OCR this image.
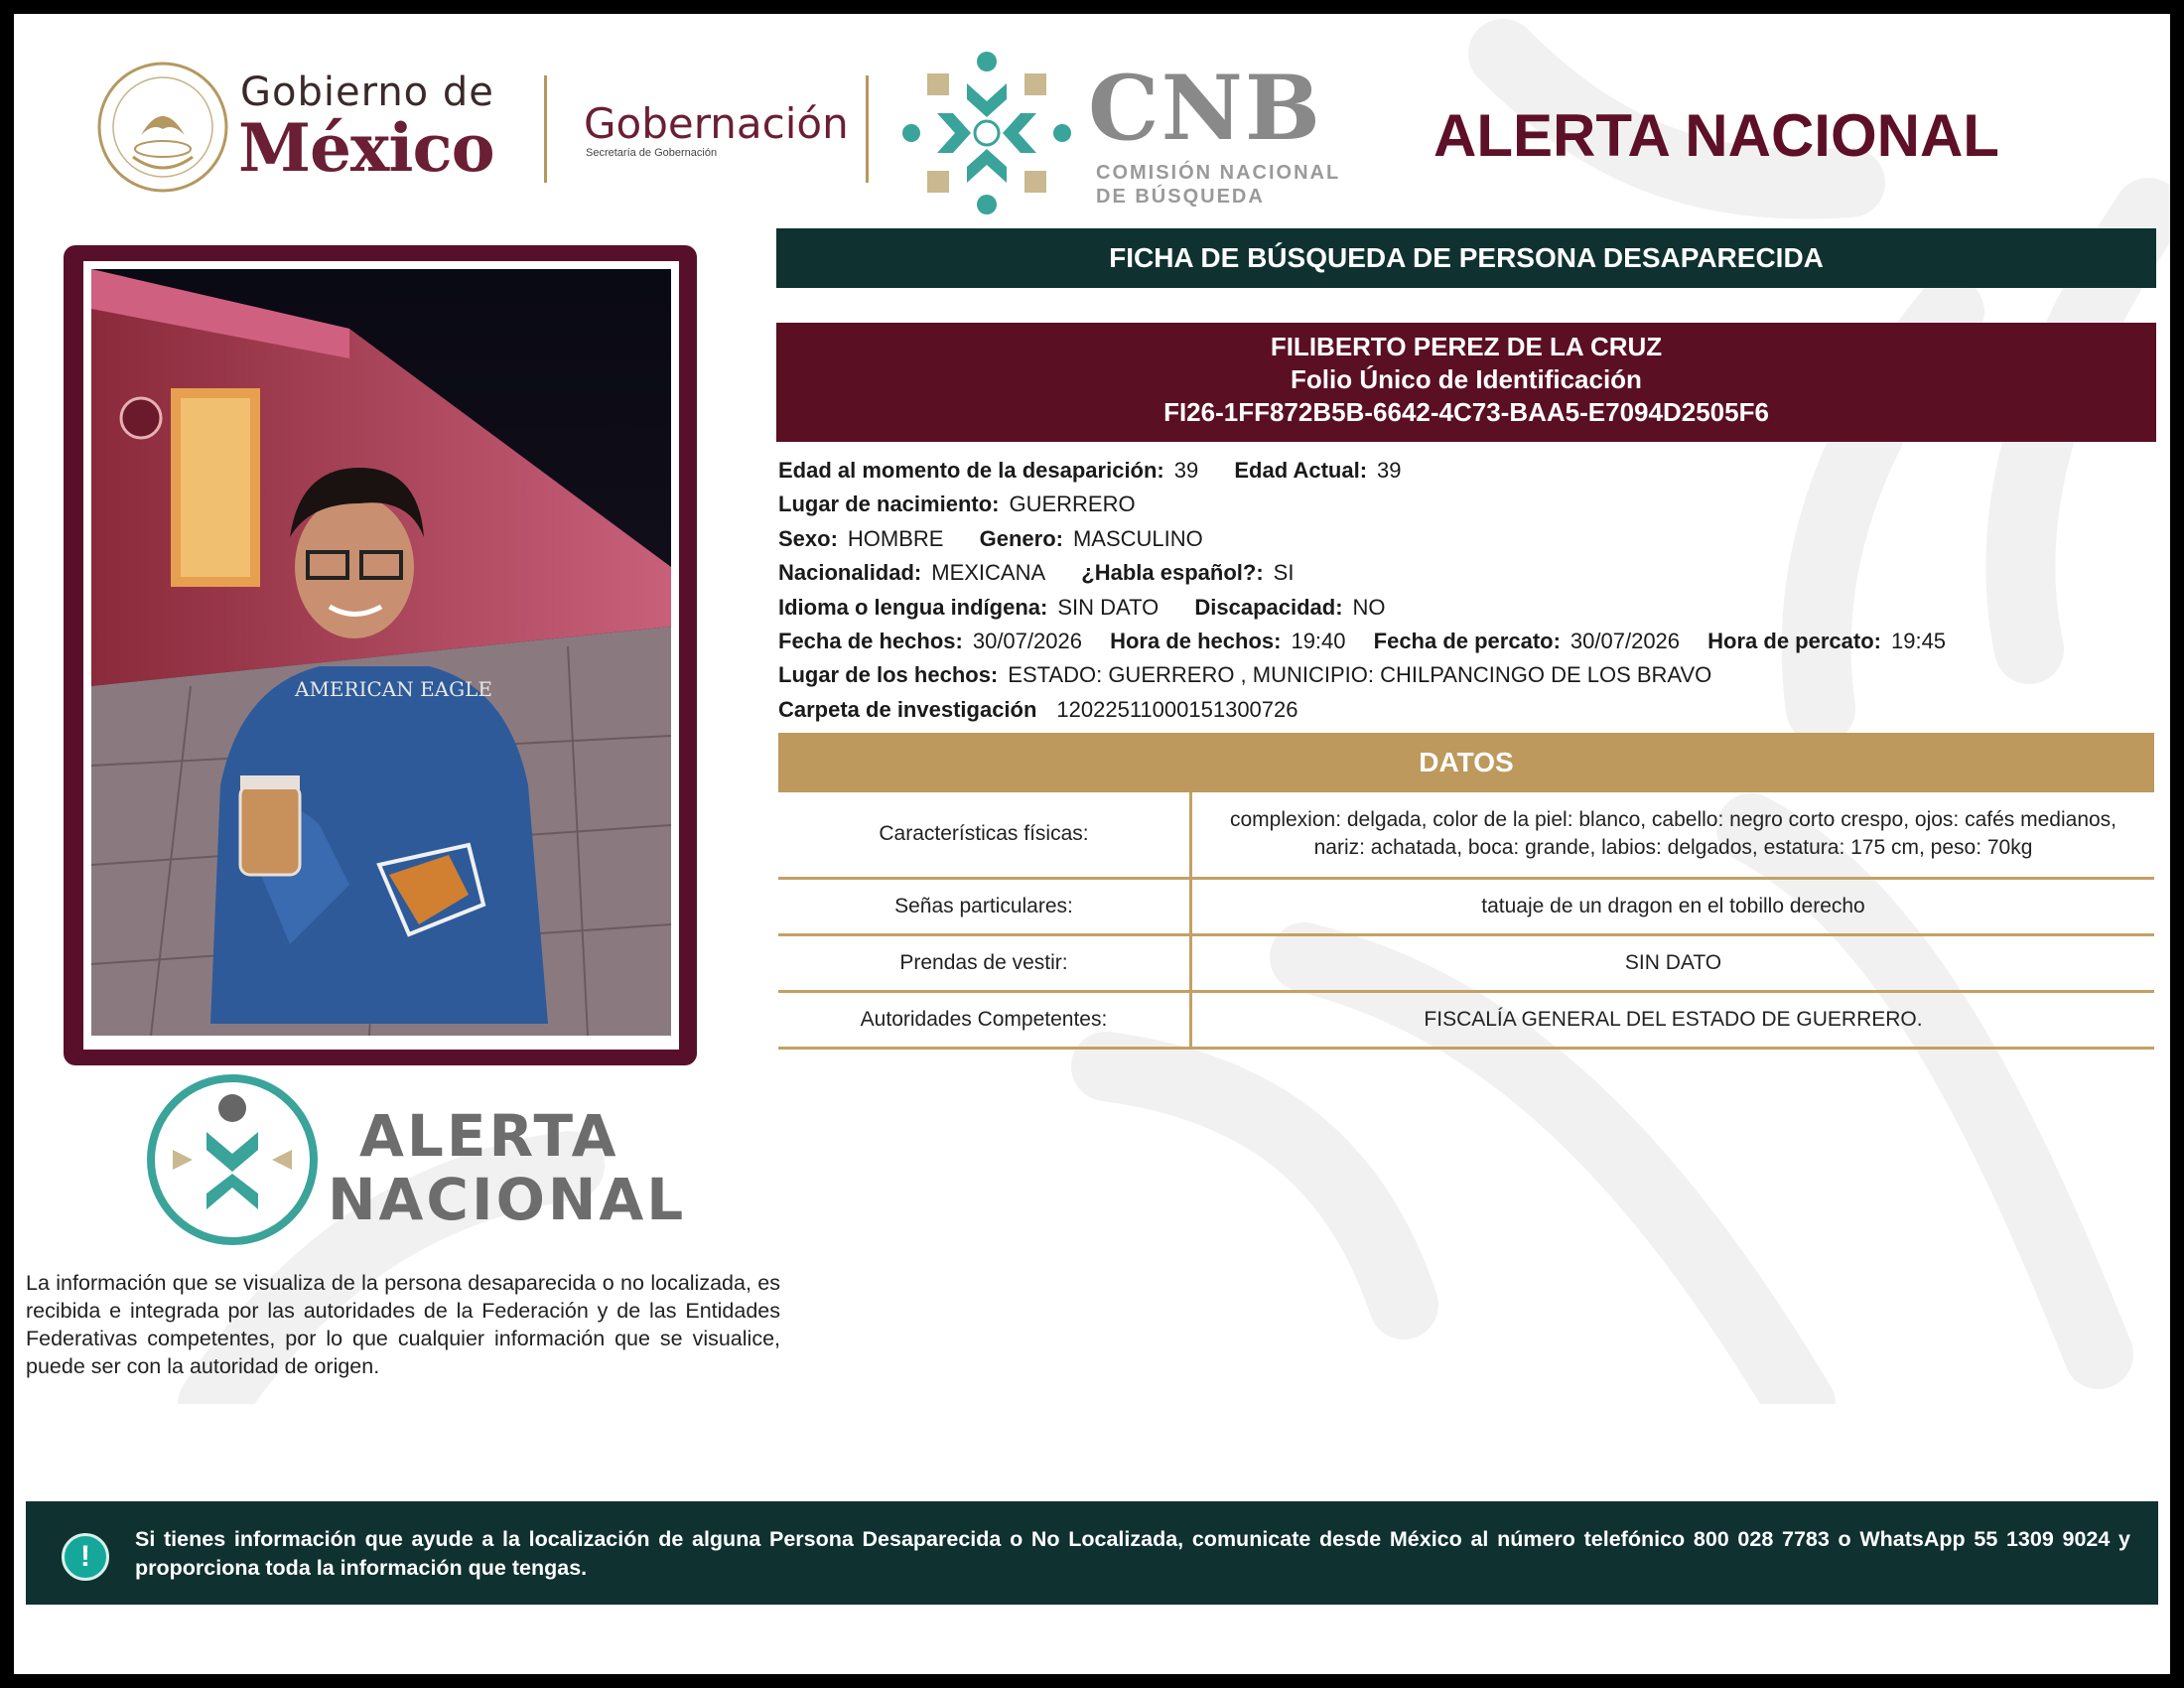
Gobierno de
México Gobernación
Secretaría de Gobernación	CNB
COMISIÓN NACIONAL
DE BÚSQUEDA
ALERTA NACIONAL
AMERICAN EAGLE
FICHA DE BÚSQUEDA DE PERSONA DESAPARECIDA
FILIBERTO PEREZ DE LA CRUZ
Folio Único de Identificación
FI26-1FF872B5B-6642-4C73-BAA5-E7094D2505F6
Edad al momento de la desaparición: 39 Edad Actual: 39
Lugar de nacimiento: GUERRERO
Sexo: HOMBRE Genero: MASCULINO
Nacionalidad: MEXICANA ¿Habla español?: SI
Idioma o lengua indígena: SIN DATO Discapacidad: NO
Fecha de hechos: 30/07/2026 Hora de hechos: 19:40 Fecha de percato: 30/07/2026 Hora de percato: 19:45
Lugar de los hechos: ESTADO: GUERRERO , MUNICIPIO: CHILPANCINGO DE LOS BRAVO
Carpeta de investigación 12022511000151300726
DATOS
Características físicas:	complexion: delgada, color de la piel: blanco, cabello: negro corto crespo, ojos: cafés medianos, nariz: achatada, boca: grande, labios: delgados, estatura: 175 cm, peso: 70kg
Señas particulares:	tatuaje de un dragon en el tobillo derecho
Prendas de vestir:	SIN DATO
Autoridades Competentes:	FISCALÍA GENERAL DEL ESTADO DE GUERRERO.
ALERTA
NACIONAL
La información que se visualiza de la persona desaparecida o no localizada, es recibida e integrada por las autoridades de la Federación y de las Entidades Federativas competentes, por lo que cualquier información que se visualice, puede ser con la autoridad de origen.
!
Si tienes información que ayude a la localización de alguna Persona Desaparecida o No Localizada, comunicate desde México al número telefónico 800 028 7783 o WhatsApp 55 1309 9024 y proporciona toda la información que tengas.
